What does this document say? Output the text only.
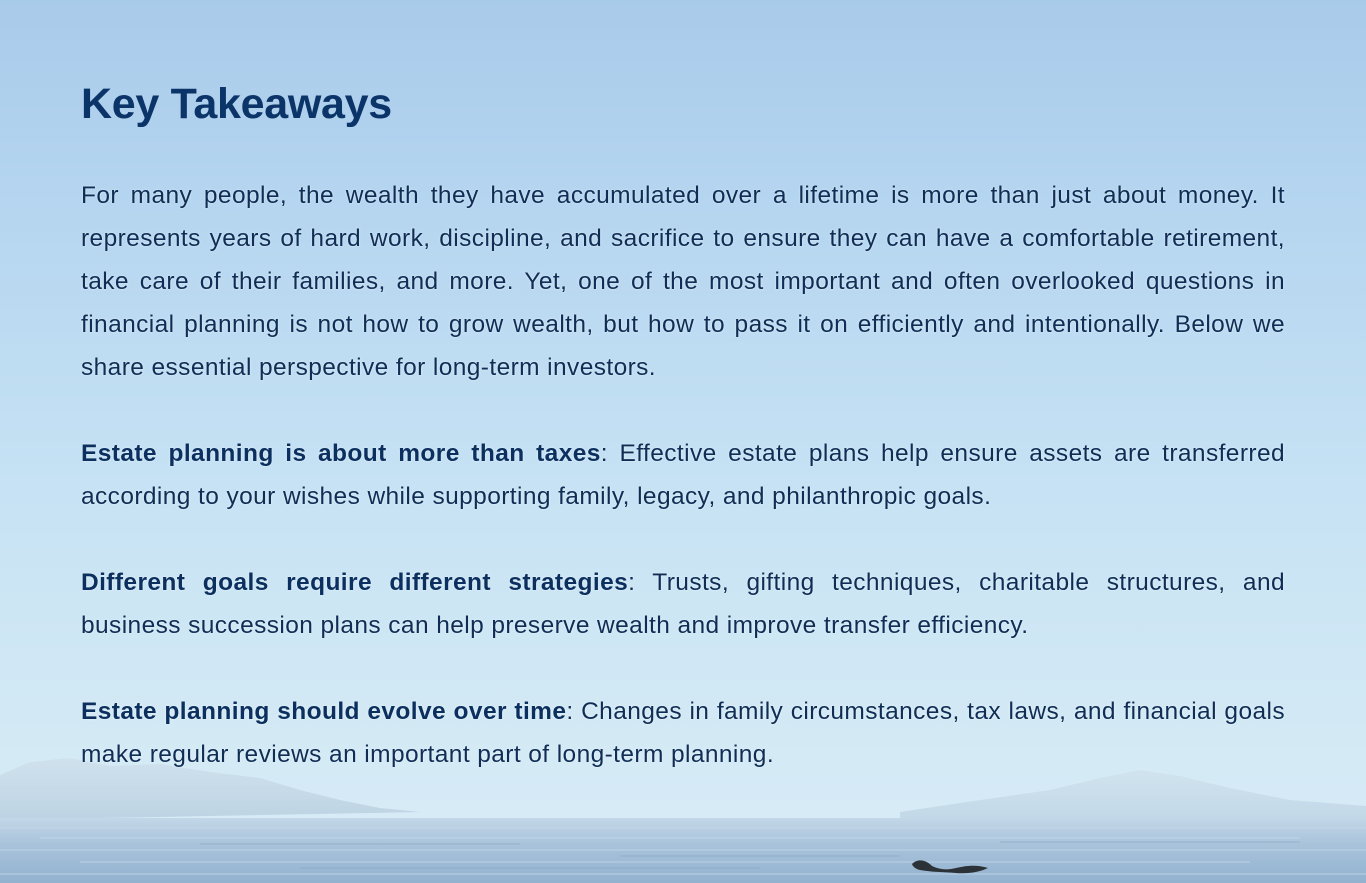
Key Takeaways

For many people, the wealth they have accumulated over a lifetime is more than just about money. It represents years of hard work, discipline, and sacrifice to ensure they can have a comfortable retirement, take care of their families, and more. Yet, one of the most important and often overlooked questions in financial planning is not how to grow wealth, but how to pass it on efficiently and intentionally. Below we share essential perspective for long-term investors.

Estate planning is about more than taxes: Effective estate plans help ensure assets are transferred according to your wishes while supporting family, legacy, and philanthropic goals.

Different goals require different strategies: Trusts, gifting techniques, charitable structures, and business succession plans can help preserve wealth and improve transfer efficiency.

Estate planning should evolve over time: Changes in family circumstances, tax laws, and financial goals make regular reviews an important part of long-term planning.
